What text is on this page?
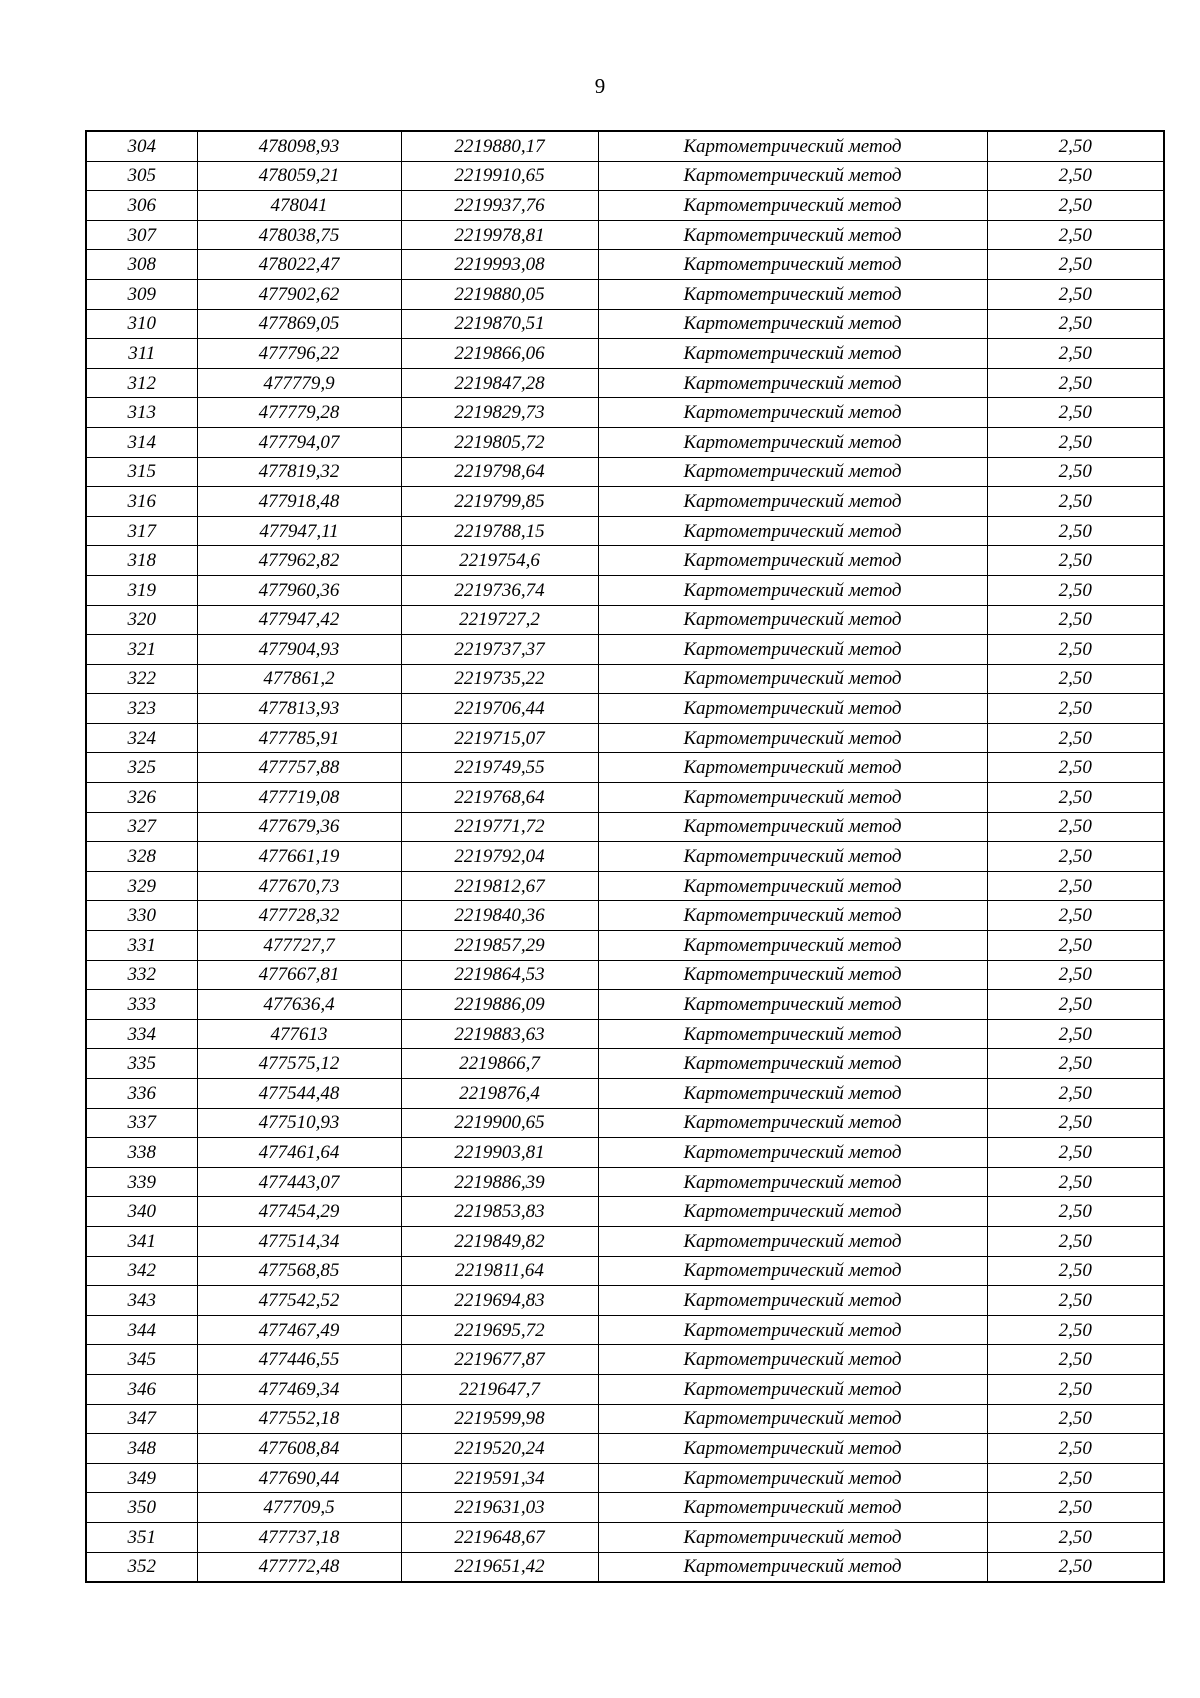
9
304	478098,93	2219880,17	Картометрический метод	2,50
305	478059,21	2219910,65	Картометрический метод	2,50
306	478041	2219937,76	Картометрический метод	2,50
307	478038,75	2219978,81	Картометрический метод	2,50
308	478022,47	2219993,08	Картометрический метод	2,50
309	477902,62	2219880,05	Картометрический метод	2,50
310	477869,05	2219870,51	Картометрический метод	2,50
311	477796,22	2219866,06	Картометрический метод	2,50
312	477779,9	2219847,28	Картометрический метод	2,50
313	477779,28	2219829,73	Картометрический метод	2,50
314	477794,07	2219805,72	Картометрический метод	2,50
315	477819,32	2219798,64	Картометрический метод	2,50
316	477918,48	2219799,85	Картометрический метод	2,50
317	477947,11	2219788,15	Картометрический метод	2,50
318	477962,82	2219754,6	Картометрический метод	2,50
319	477960,36	2219736,74	Картометрический метод	2,50
320	477947,42	2219727,2	Картометрический метод	2,50
321	477904,93	2219737,37	Картометрический метод	2,50
322	477861,2	2219735,22	Картометрический метод	2,50
323	477813,93	2219706,44	Картометрический метод	2,50
324	477785,91	2219715,07	Картометрический метод	2,50
325	477757,88	2219749,55	Картометрический метод	2,50
326	477719,08	2219768,64	Картометрический метод	2,50
327	477679,36	2219771,72	Картометрический метод	2,50
328	477661,19	2219792,04	Картометрический метод	2,50
329	477670,73	2219812,67	Картометрический метод	2,50
330	477728,32	2219840,36	Картометрический метод	2,50
331	477727,7	2219857,29	Картометрический метод	2,50
332	477667,81	2219864,53	Картометрический метод	2,50
333	477636,4	2219886,09	Картометрический метод	2,50
334	477613	2219883,63	Картометрический метод	2,50
335	477575,12	2219866,7	Картометрический метод	2,50
336	477544,48	2219876,4	Картометрический метод	2,50
337	477510,93	2219900,65	Картометрический метод	2,50
338	477461,64	2219903,81	Картометрический метод	2,50
339	477443,07	2219886,39	Картометрический метод	2,50
340	477454,29	2219853,83	Картометрический метод	2,50
341	477514,34	2219849,82	Картометрический метод	2,50
342	477568,85	2219811,64	Картометрический метод	2,50
343	477542,52	2219694,83	Картометрический метод	2,50
344	477467,49	2219695,72	Картометрический метод	2,50
345	477446,55	2219677,87	Картометрический метод	2,50
346	477469,34	2219647,7	Картометрический метод	2,50
347	477552,18	2219599,98	Картометрический метод	2,50
348	477608,84	2219520,24	Картометрический метод	2,50
349	477690,44	2219591,34	Картометрический метод	2,50
350	477709,5	2219631,03	Картометрический метод	2,50
351	477737,18	2219648,67	Картометрический метод	2,50
352	477772,48	2219651,42	Картометрический метод	2,50
